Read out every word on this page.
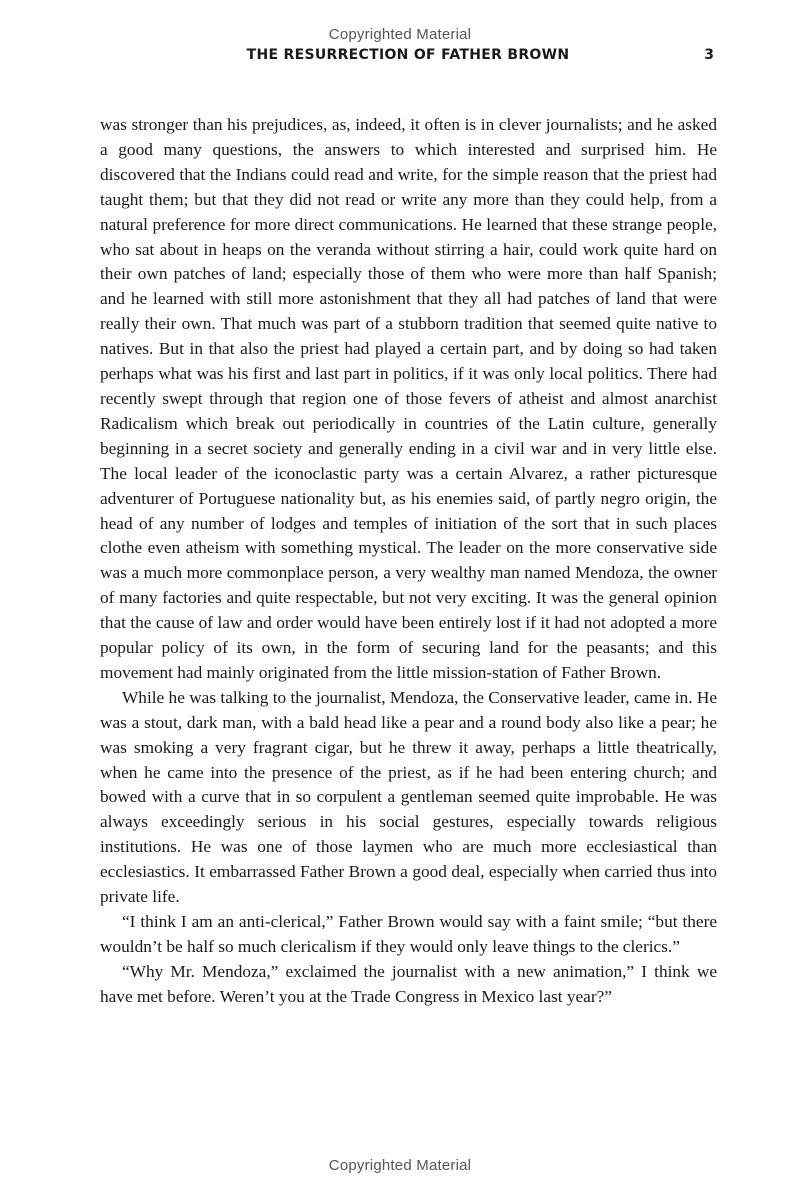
Copyrighted Material
THE RESURRECTION OF FATHER BROWN	3

was stronger than his prejudices, as, indeed, it often is in clever journalists; and he asked a good many questions, the answers to which interested and surprised him. He discovered that the Indians could read and write, for the simple reason that the priest had taught them; but that they did not read or write any more than they could help, from a natural preference for more direct communications. He learned that these strange people, who sat about in heaps on the veranda without stirring a hair, could work quite hard on their own patches of land; especially those of them who were more than half Spanish; and he learned with still more astonishment that they all had patches of land that were really their own. That much was part of a stubborn tradition that seemed quite native to natives. But in that also the priest had played a certain part, and by doing so had taken perhaps what was his first and last part in politics, if it was only local politics. There had recently swept through that region one of those fevers of atheist and almost anarchist Radicalism which break out periodically in countries of the Latin culture, generally beginning in a secret society and generally ending in a civil war and in very little else. The local leader of the iconoclastic party was a certain Alvarez, a rather picturesque adventurer of Portuguese nationality but, as his enemies said, of partly negro origin, the head of any number of lodges and temples of initiation of the sort that in such places clothe even atheism with something mystical. The leader on the more conservative side was a much more commonplace person, a very wealthy man named Mendoza, the owner of many factories and quite respectable, but not very exciting. It was the general opinion that the cause of law and order would have been entirely lost if it had not adopted a more popular policy of its own, in the form of securing land for the peasants; and this movement had mainly originated from the little mission-station of Father Brown.

While he was talking to the journalist, Mendoza, the Conservative leader, came in. He was a stout, dark man, with a bald head like a pear and a round body also like a pear; he was smoking a very fragrant cigar, but he threw it away, perhaps a little theatrically, when he came into the presence of the priest, as if he had been entering church; and bowed with a curve that in so corpulent a gentleman seemed quite improbable. He was always exceedingly serious in his social gestures, especially towards religious institutions. He was one of those laymen who are much more ecclesiastical than ecclesiastics. It embarrassed Father Brown a good deal, especially when carried thus into private life.

“I think I am an anti-clerical,” Father Brown would say with a faint smile; “but there wouldn’t be half so much clericalism if they would only leave things to the clerics.”

“Why Mr. Mendoza,” exclaimed the journalist with a new animation,” I think we have met before. Weren’t you at the Trade Congress in Mexico last year?”

Copyrighted Material
